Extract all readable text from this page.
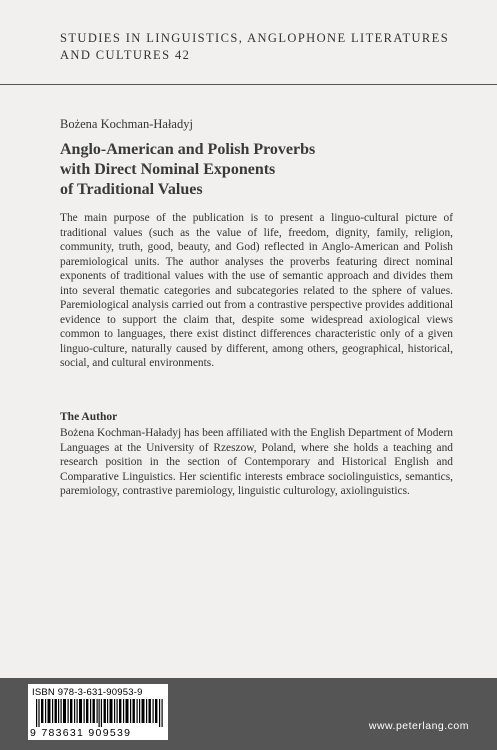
STUDIES IN LINGUISTICS, ANGLOPHONE LITERATURES
AND CULTURES 42
Bożena Kochman-Haładyj
Anglo-American and Polish Proverbs
with Direct Nominal Exponents
of Traditional Values

The main purpose of the publication is to present a linguo-cultural picture of traditional values (such as the value of life, freedom, dignity, family, religion, community, truth, good, beauty, and God) reflected in Anglo-American and Polish paremiological units. The author analyses the proverbs featuring direct nominal exponents of traditional values with the use of semantic approach and divides them into several thematic categories and subcategories related to the sphere of values. Paremiological analysis carried out from a contrastive perspective provides additional evidence to support the claim that, despite some widespread axiological views common to languages, there exist distinct differences characteristic only of a given linguo-culture, naturally caused by different, among others, geographical, historical, social, and cultural environments.

The Author

Bożena Kochman-Haładyj has been affiliated with the English Department of Modern Languages at the University of Rzeszow, Poland, where she holds a teaching and research position in the section of Contemporary and Historical English and Comparative Linguistics. Her scientific interests embrace sociolinguistics, semantics, paremiology, contrastive paremiology, linguistic culturology, axiolinguistics.

ISBN 978-3-631-90953-9
9 783631 909539
www.peterlang.com
